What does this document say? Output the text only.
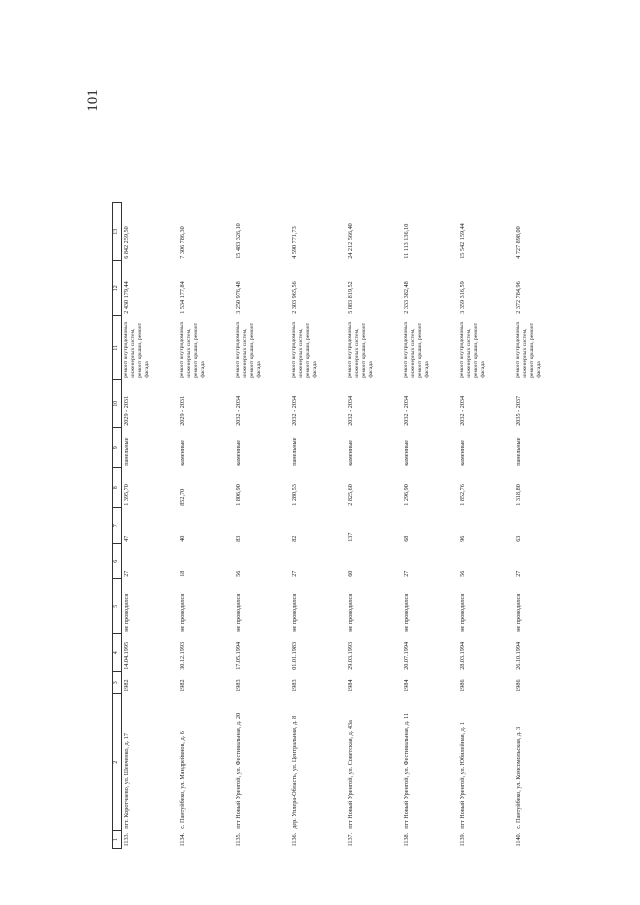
101
1	2	3	4	5	6	7	8	9	10	11	12	13
1133.	пгт. Коротчаево, ул. Шевченко, д. 17	1982	14.04.1995	не проводился	27	47	1 395,70	панельные	2029 - 2031	ремонт внутридомовых инженерных систем, ремонт крыши, ремонт фасада	2 430 179,44	6 842 259,50
1134.	с. Пантуйбеко, ул. Мандрейвнов, д. 6	1982	30.12.1993	не проводился	18	40	852,70	каменные	2029 - 2031	ремонт внутридомовых инженерных систем, ремонт крыши, ремонт фасада	1 534 177,84	7 306 786,30
1135.	пгт Новый Уренгой, ул. Фестивальная, д. 20	1983	17.05.1994	не проводился	56	83	1 806,90	каменные	2032 - 2034	ремонт внутридомовых инженерных систем, ремонт крыши, ремонт фасада	3 250 976,48	15 483 326,10
1136.	дер. Уплера-Область, ул. Центральная, д. 8	1983	01.01.1983	не проводился	27	82	1 280,53	панельные	2032 - 2034	ремонт внутридомовых инженерных систем, ремонт крыши, ремонт фасада	2 303 965,56	4 590 771,73
1137.	пгт Новый Уренгой, ул. Советская, д. 43а	1984	29.03.1993	не проводился	60	137	2 825,60	каменные	2032 - 2034	ремонт внутридомовых инженерных систем, ремонт крыши, ремонт фасада	5 083 819,52	24 212 566,40
1138.	пгт Новый Уренгой, ул. Фестивальная, д. 11	1984	20.07.1994	не проводился	27	68	1 296,90	каменные	2032 - 2034	ремонт внутридомовых инженерных систем, ремонт крыши, ремонт фасада	2 333 382,48	11 113 136,10
1139.	пгт Новый Уренгой, ул. Юбилейная, д. 1	1986	28.03.1994	не проводился	56	96	1 852,76	каменные	2032 - 2034	ремонт внутридомовых инженерных систем, ремонт крыши, ремонт фасада	3 359 316,59	15 542 159,44
1140.	с. Пантуйбеко, ул. Комсомольская, д. 3	1986	26.10.1994	не проводился	27	63	1 318,80	панельные	2035 - 2037	ремонт внутридомовых инженерных систем, ремонт крыши, ремонт фасада	2 372 784,96	4 727 898,00
